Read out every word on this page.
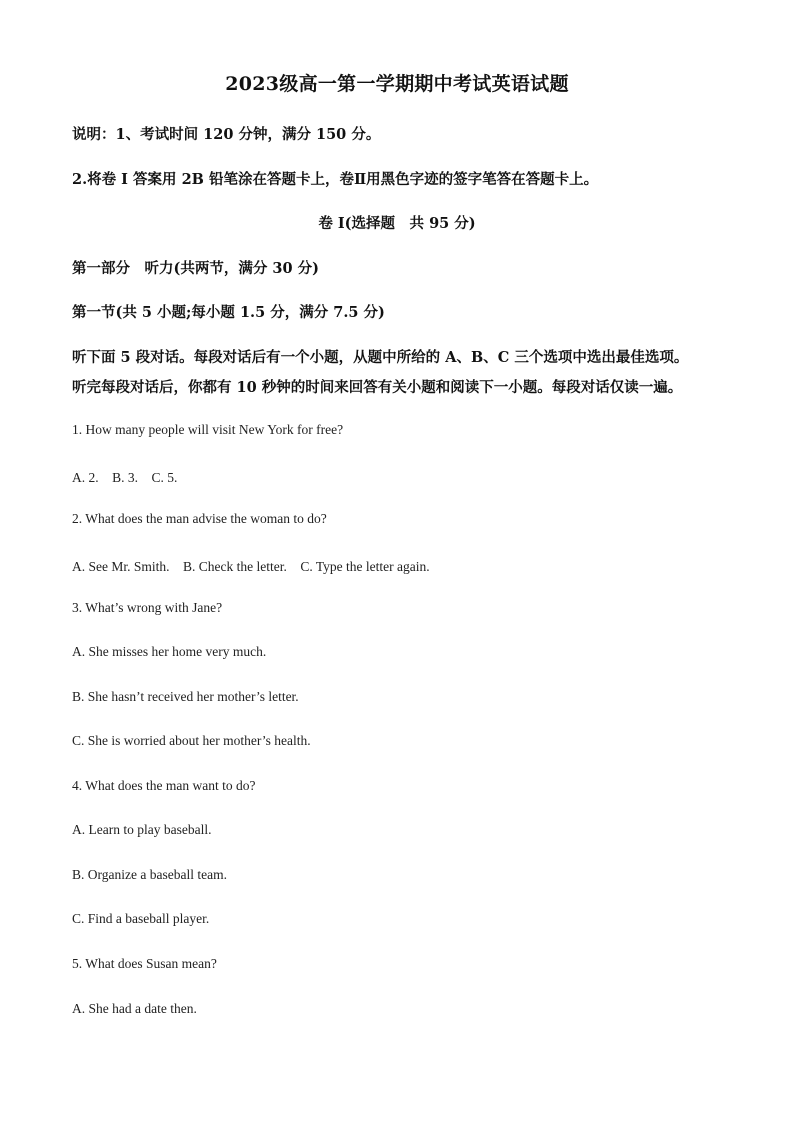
2023级高一第一学期期中考试英语试题
说明：1、考试时间 120 分钟，满分 150 分。
2.将卷 I 答案用 2B 铅笔涂在答题卡上，卷Ⅱ用黑色字迹的签字笔答在答题卡上。
卷 I(选择题　共 95 分)
第一部分　听力(共两节，满分 30 分)
第一节(共 5 小题;每小题 1.5 分，满分 7.5 分)
听下面 5 段对话。每段对话后有一个小题，从题中所给的 A、B、C 三个选项中选出最佳选项。
听完每段对话后，你都有 10 秒钟的时间来回答有关小题和阅读下一小题。每段对话仅读一遍。
1. How many people will visit New York for free?
A. 2.　B. 3.　C. 5.
2. What does the man advise the woman to do?
A. See Mr. Smith.　B. Check the letter.　C. Type the letter again.
3. What’s wrong with Jane?
A. She misses her home very much.
B. She hasn’t received her mother’s letter.
C. She is worried about her mother’s health.
4. What does the man want to do?
A. Learn to play baseball.
B. Organize a baseball team.
C. Find a baseball player.
5. What does Susan mean?
A. She had a date then.
